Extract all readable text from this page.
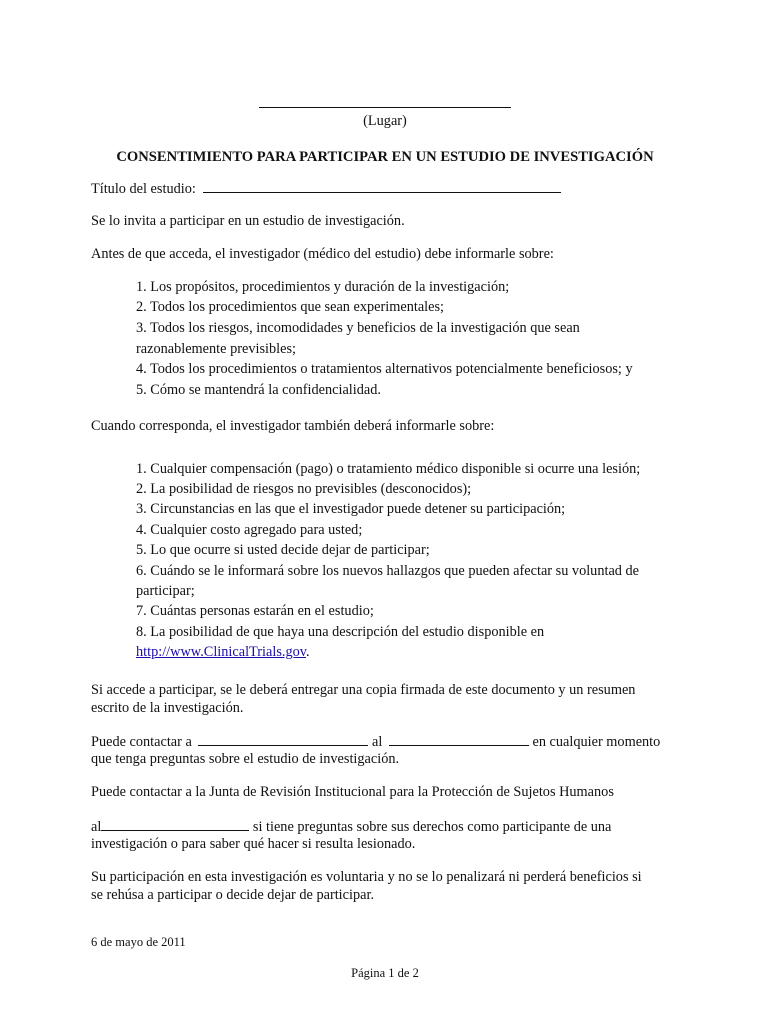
(Lugar)
CONSENTIMIENTO PARA PARTICIPAR EN UN ESTUDIO DE INVESTIGACIÓN
Título del estudio:
Se lo invita a participar en un estudio de investigación.
Antes de que acceda, el investigador (médico del estudio) debe informarle sobre:
1. Los propósitos, procedimientos y duración de la investigación;
2. Todos los procedimientos que sean experimentales;
3. Todos los riesgos, incomodidades y beneficios de la investigación que sean
razonablemente previsibles;
4. Todos los procedimientos o tratamientos alternativos potencialmente beneficiosos; y
5. Cómo se mantendrá la confidencialidad.
Cuando corresponda, el investigador también deberá informarle sobre:
1. Cualquier compensación (pago) o tratamiento médico disponible si ocurre una lesión;
2. La posibilidad de riesgos no previsibles (desconocidos);
3. Circunstancias en las que el investigador puede detener su participación;
4. Cualquier costo agregado para usted;
5. Lo que ocurre si usted decide dejar de participar;
6. Cuándo se le informará sobre los nuevos hallazgos que pueden afectar su voluntad de
participar;
7. Cuántas personas estarán en el estudio;
8. La posibilidad de que haya una descripción del estudio disponible en
http://www.ClinicalTrials.gov.
Si accede a participar, se le deberá entregar una copia firmada de este documento y un resumen
escrito de la investigación.
Puede contactar a	al	en cualquier momento
que tenga preguntas sobre el estudio de investigación.
Puede contactar a la Junta de Revisión Institucional para la Protección de Sujetos Humanos
al	si tiene preguntas sobre sus derechos como participante de una
investigación o para saber qué hacer si resulta lesionado.
Su participación en esta investigación es voluntaria y no se lo penalizará ni perderá beneficios si
se rehúsa a participar o decide dejar de participar.
6 de mayo de 2011
Página 1 de 2
